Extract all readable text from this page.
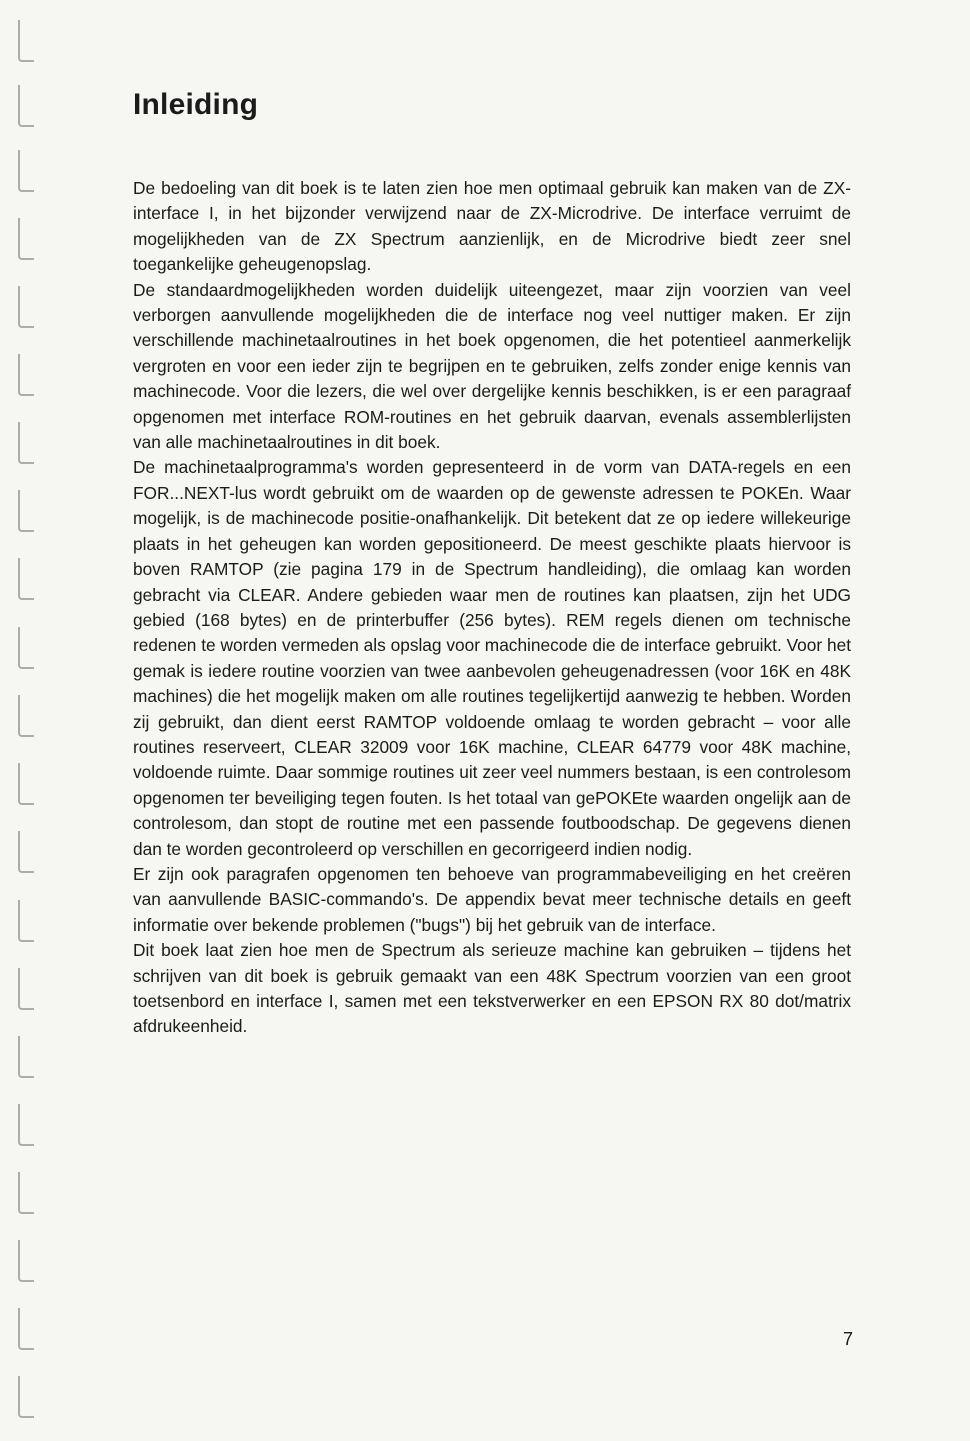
Inleiding

De bedoeling van dit boek is te laten zien hoe men optimaal gebruik kan maken van de ZX-interface I, in het bijzonder verwijzend naar de ZX-Microdrive. De interface verruimt de mogelijkheden van de ZX Spectrum aanzienlijk, en de Microdrive biedt zeer snel toegankelijke geheugenopslag.

De standaardmogelijkheden worden duidelijk uiteengezet, maar zijn voorzien van veel verborgen aanvullende mogelijkheden die de interface nog veel nuttiger maken. Er zijn verschillende machinetaalroutines in het boek opgenomen, die het potentieel aanmerkelijk vergroten en voor een ieder zijn te begrijpen en te gebruiken, zelfs zonder enige kennis van machinecode. Voor die lezers, die wel over dergelijke kennis beschikken, is er een paragraaf opgenomen met interface ROM-routines en het gebruik daarvan, evenals assemblerlijsten van alle machinetaalroutines in dit boek.

De machinetaalprogramma's worden gepresenteerd in de vorm van DATA-regels en een FOR...NEXT-lus wordt gebruikt om de waarden op de gewenste adressen te POKEn. Waar mogelijk, is de machinecode positie-onafhankelijk. Dit betekent dat ze op iedere willekeurige plaats in het geheugen kan worden gepositioneerd. De meest geschikte plaats hiervoor is boven RAMTOP (zie pagina 179 in de Spectrum handleiding), die omlaag kan worden gebracht via CLEAR. Andere gebieden waar men de routines kan plaatsen, zijn het UDG gebied (168 bytes) en de printerbuffer (256 bytes). REM regels dienen om technische redenen te worden vermeden als opslag voor machinecode die de interface gebruikt. Voor het gemak is iedere routine voorzien van twee aanbevolen geheugenadressen (voor 16K en 48K machines) die het mogelijk maken om alle routines tegelijkertijd aanwezig te hebben. Worden zij gebruikt, dan dient eerst RAMTOP voldoende omlaag te worden gebracht – voor alle routines reserveert, CLEAR 32009 voor 16K machine, CLEAR 64779 voor 48K machine, voldoende ruimte. Daar sommige routines uit zeer veel nummers bestaan, is een controlesom opgenomen ter beveiliging tegen fouten. Is het totaal van gePOKEte waarden ongelijk aan de controlesom, dan stopt de routine met een passende foutboodschap. De gegevens dienen dan te worden gecontroleerd op verschillen en gecorrigeerd indien nodig.

Er zijn ook paragrafen opgenomen ten behoeve van programmabeveiliging en het creëren van aanvullende BASIC-commando's. De appendix bevat meer technische details en geeft informatie over bekende problemen ("bugs") bij het gebruik van de interface.

Dit boek laat zien hoe men de Spectrum als serieuze machine kan gebruiken – tijdens het schrijven van dit boek is gebruik gemaakt van een 48K Spectrum voorzien van een groot toetsenbord en interface I, samen met een tekstverwerker en een EPSON RX 80 dot/matrix afdrukeenheid.

7
